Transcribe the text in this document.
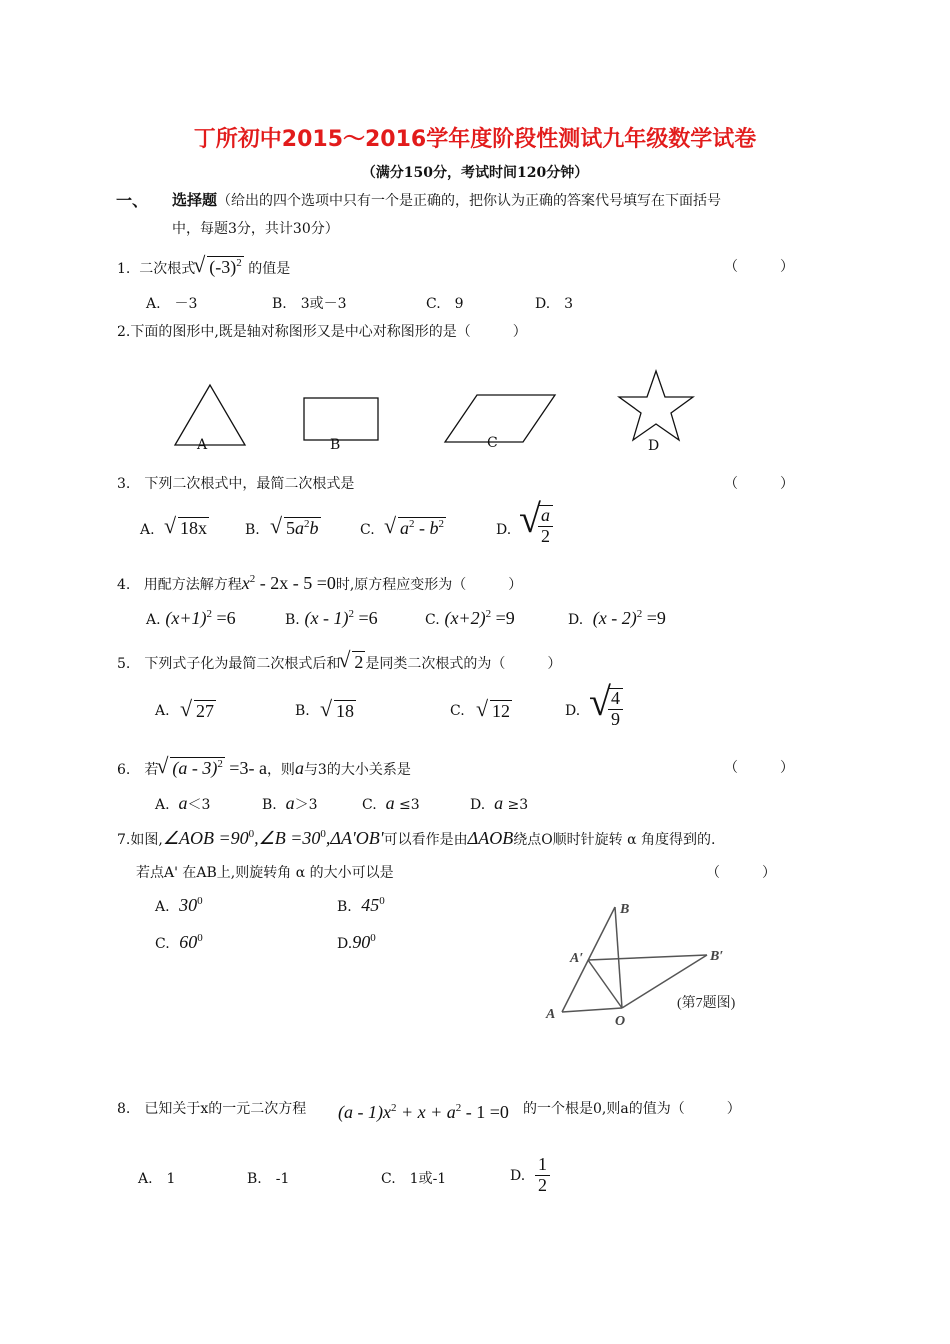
丁所初中2015～2016学年度阶段性测试九年级数学试卷
（满分150分，考试时间120分钟）
一、 选择题（给出的四个选项中只有一个是正确的，把你认为正确的答案代号填写在下面括号
中，每题3分，共计30分）
1. 二次根式 √ $(-3)^2$ 的值是	（　　　）
A.　－3	B.　3或－3	C.　9	D.　3
2.下面的图形中,既是轴对称图形又是中心对称图形的是（　　　）
A	B	C	D
3.　下列二次根式中，最简二次根式是	（　　　）
A.	√ 18x	B.	√ $5a^2b$	C.	√ $a^2 - b^2$	D. √ $\frac{a}{2}$
4. 用配方法解方程$x^2 - 2x - 5 =0$时,原方程应变形为（　　　）
A. $(x+1)^2 =6$	B. (x - 1)$^2$ =6	C. $(x+2)^2 =9$	D. (x - 2)$^2$ =9
5.　下列式子化为最简二次根式后和 √ 2 是同类二次根式的为（　　　）
A.	√ 27	B.	√ 18	C.	√ 12	D. √ $\frac{4}{9}$
6.　若 √ (a - 3)$^2$ =3- a，则a与3的大小关系是	（　　　）
A. a＜3	B. a＞3	C. a ≤3	D. a ≥3
7.如图,∠AOB $=90^0,\angle B =30^0,\Delta A'OB'$可以看作是由ΔAOB绕点O顺时针旋转 α 角度得到的.
若点A' 在AB上,则旋转角 α 的大小可以是	（　　　）
A. $30^0$	B. $45^0$
C. $60^0$	$D.90^0$
B
A′	B′
A	O
(第7题图)
8.　已知关于x的一元二次方程 $(a - 1)x^2 + x + a^2 - 1 =0$ 的一个根是0,则a的值为（　　　）
A.　1	B.　-1	C.　1或-1	D. $\frac{1}{2}$
